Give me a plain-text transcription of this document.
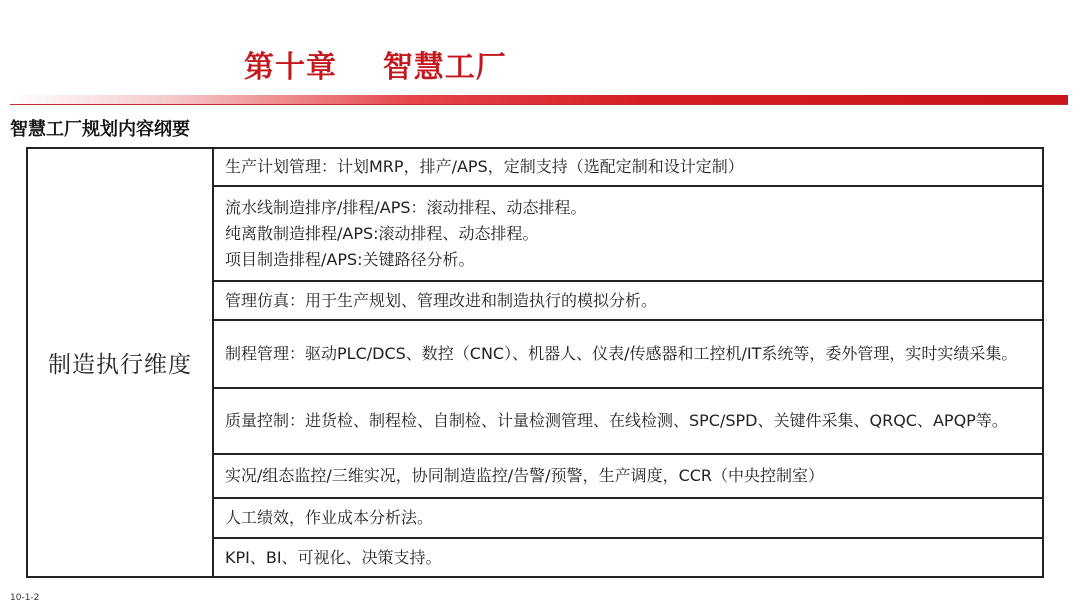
第十章    智慧工厂
智慧工厂规划内容纲要
制造执行维度	
生产计划管理：计划MRP，排产/APS，定制支持（选配定制和设计定制）

流水线制造排序/排程/APS：滚动排程、动态排程。
纯离散制造排程/APS:滚动排程、动态排程。
项目制造排程/APS:关键路径分析。

管理仿真：用于生产规划、管理改进和制造执行的模拟分析。

制程管理：驱动PLC/DCS、数控（CNC）、机器人、仪表/传感器和工控机/IT系统等，委外管理，实时实绩采集。

质量控制：进货检、制程检、自制检、计量检测管理、在线检测、SPC/SPD、关键件采集、QRQC、APQP等。

实况/组态监控/三维实况，协同制造监控/告警/预警，生产调度，CCR（中央控制室）

人工绩效，作业成本分析法。

KPI、BI、可视化、决策支持。
10-1-2
